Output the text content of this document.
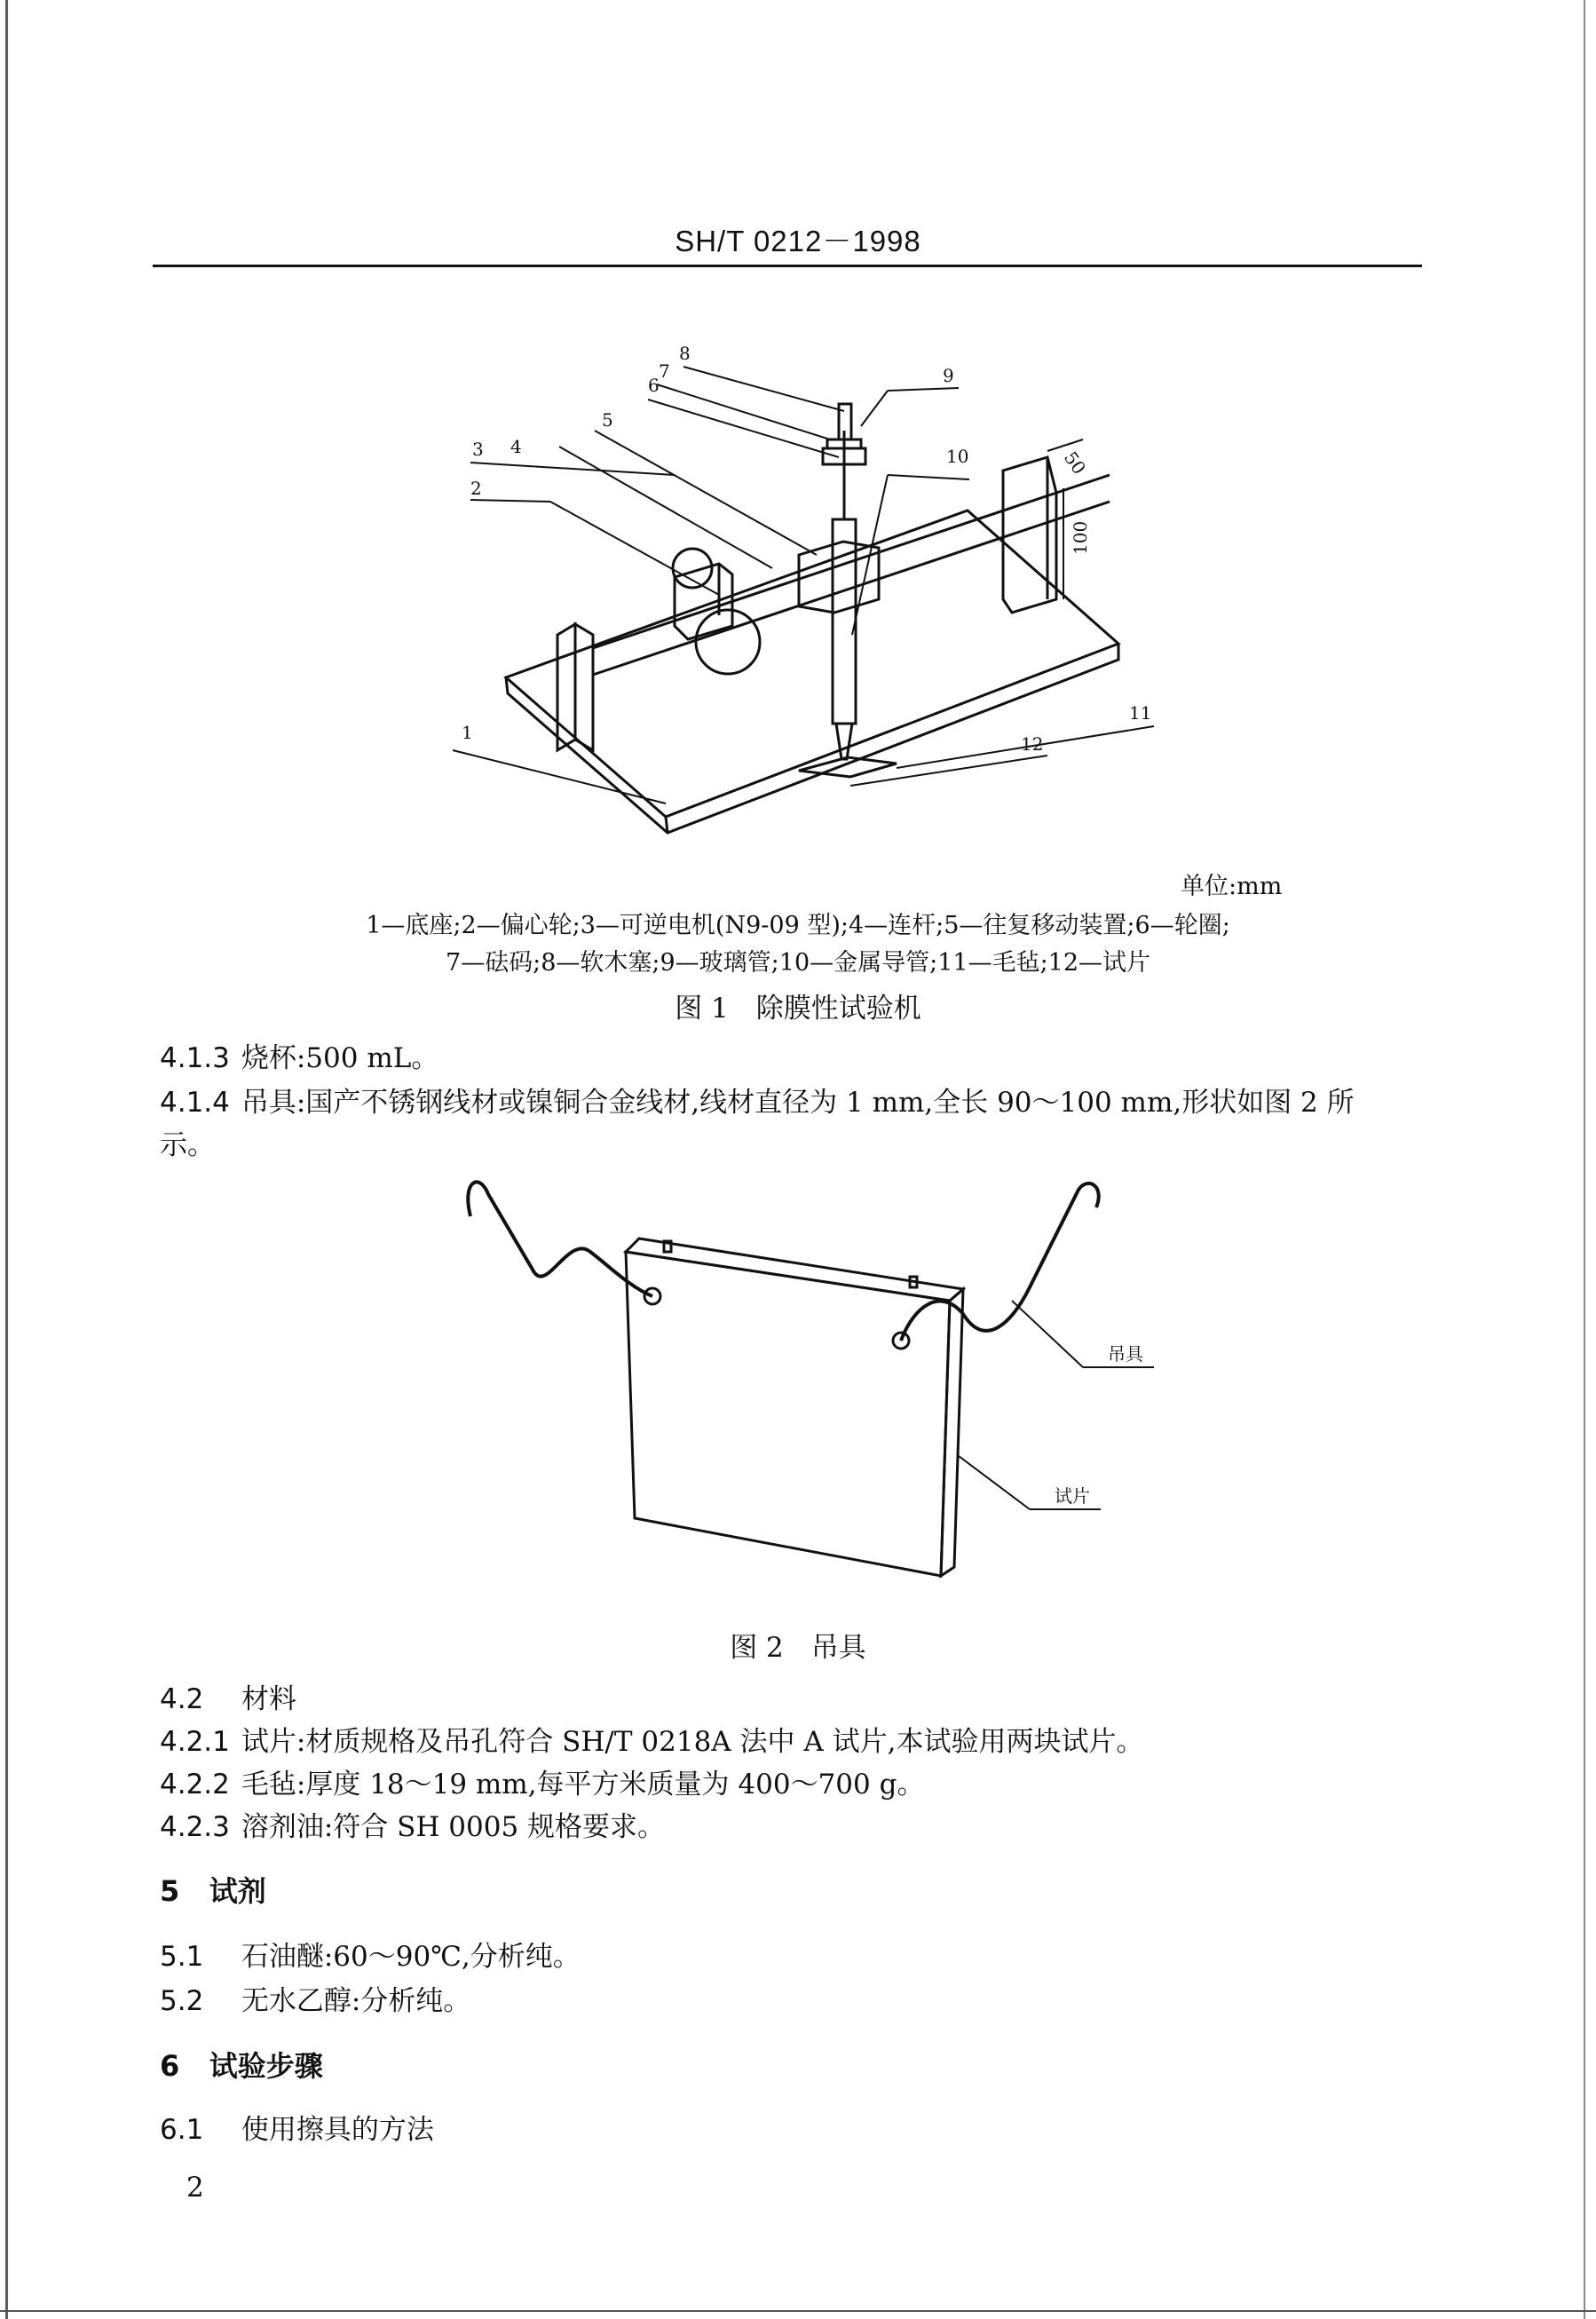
SH/T 0212－1998
3 4
2
1
5
6
7
8
9
10
11
12
50
100
单位:mm
1—底座;2—偏心轮;3—可逆电机(N9-09 型);4—连杆;5—往复移动装置;6—轮圈;
7—砝码;8—软木塞;9—玻璃管;10—金属导管;11—毛毡;12—试片
图 1　除膜性试验机
4.1.3 烧杯:500 mL。
4.1.4 吊具:国产不锈钢线材或镍铜合金线材,线材直径为 1 mm,全长 90～100 mm,形状如图 2 所
示。
吊具
试片
图 2　吊具
4.2 材料
4.2.1 试片:材质规格及吊孔符合 SH/T 0218A 法中 A 试片,本试验用两块试片。
4.2.2 毛毡:厚度 18～19 mm,每平方米质量为 400～700 g。
4.2.3 溶剂油:符合 SH 0005 规格要求。
5 试剂
5.1 石油醚:60～90℃,分析纯。
5.2 无水乙醇:分析纯。
6 试验步骤
6.1 使用擦具的方法
2
